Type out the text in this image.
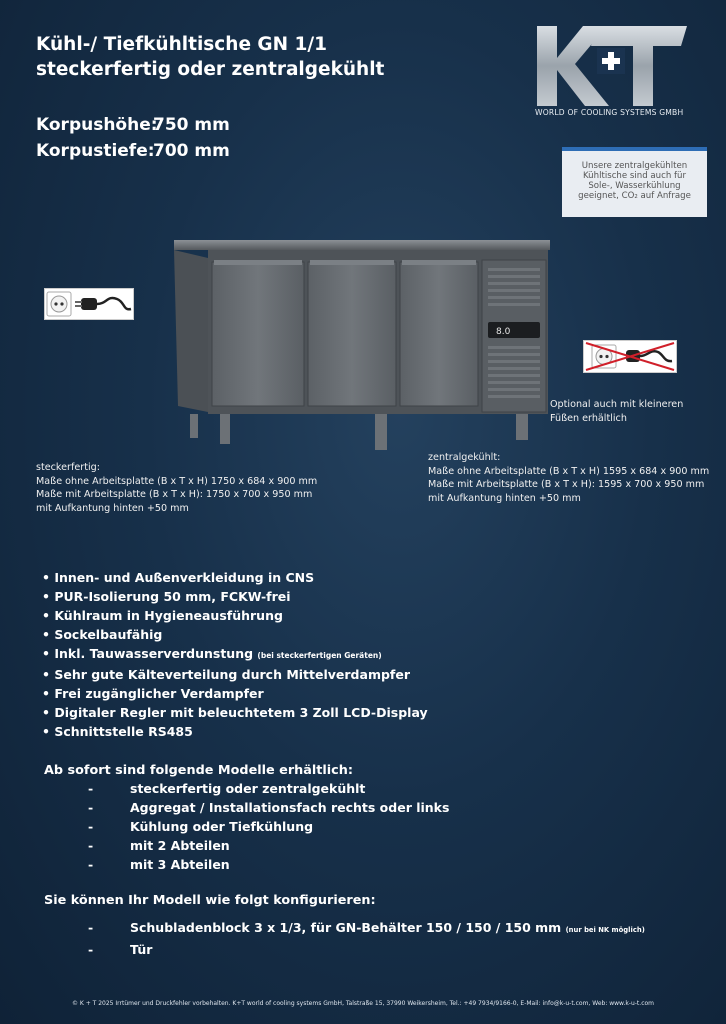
Kühl-/ Tiefkühltische GN 1/1
steckerfertig oder zentralgekühlt
Korpushöhe:
750 mm
Korpustiefe:
700 mm
WORLD OF COOLING SYSTEMS GMBH
Unsere zentralgekühlten
Kühltische sind auch für
Sole-, Wasserkühlung
geeignet, CO₂ auf Anfrage
8.0
Optional auch mit kleineren
Füßen erhältlich
steckerfertig:
Maße ohne Arbeitsplatte (B x T x H) 1750 x 684 x 900 mm
Maße mit Arbeitsplatte (B x T x H): 1750 x 700 x 950 mm
mit Aufkantung hinten +50 mm
zentralgekühlt:
Maße ohne Arbeitsplatte (B x T x H) 1595 x 684 x 900 mm
Maße mit Arbeitsplatte (B x T x H): 1595 x 700 x 950 mm
mit Aufkantung hinten +50 mm
• Innen- und Außenverkleidung in CNS
• PUR-Isolierung 50 mm, FCKW-frei
• Kühlraum in Hygieneausführung
• Sockelbaufähig
• Inkl. Tauwasserverdunstung (bei steckerfertigen Geräten)
• Sehr gute Kälteverteilung durch Mittelverdampfer
• Frei zugänglicher Verdampfer
• Digitaler Regler mit beleuchtetem 3 Zoll LCD-Display
• Schnittstelle RS485
Ab sofort sind folgende Modelle erhältlich:
-	steckerfertig oder zentralgekühlt
-	Aggregat / Installationsfach rechts oder links
-	Kühlung oder Tiefkühlung
-	mit 2 Abteilen
-	mit 3 Abteilen
Sie können Ihr Modell wie folgt konfigurieren:
-	Schubladenblock 3 x 1/3, für GN-Behälter 150 / 150 / 150 mm (nur bei NK möglich)
-	Tür
© K + T 2025 Irrtümer und Druckfehler vorbehalten. K+T world of cooling systems GmbH, Talstraße 15, 37990 Weikersheim, Tel.: +49 7934/9166-0, E-Mail: info@k-u-t.com, Web: www.k-u-t.com
